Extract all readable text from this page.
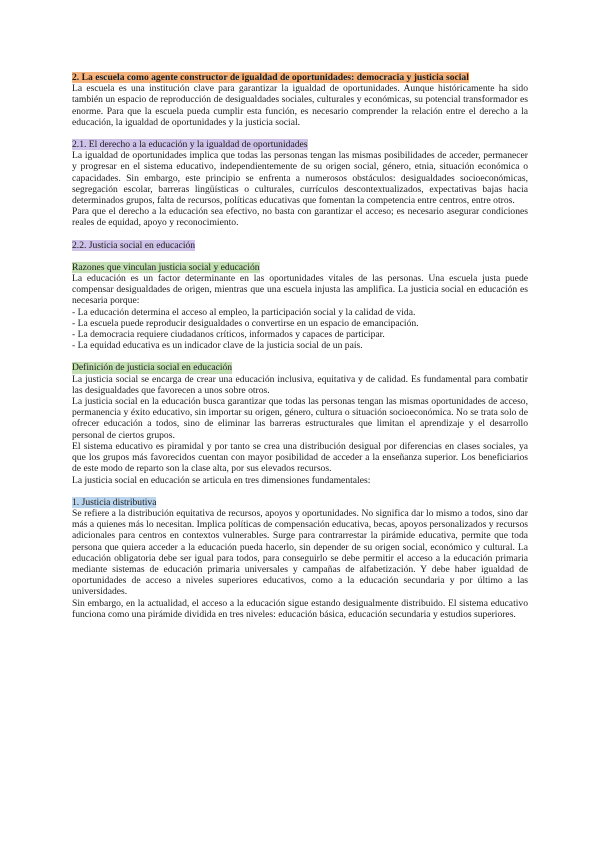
2. La escuela como agente constructor de igualdad de oportunidades: democracia y justicia social

La escuela es una institución clave para garantizar la igualdad de oportunidades. Aunque históricamente ha sido también un espacio de reproducción de desigualdades sociales, culturales y económicas, su potencial transformador es enorme. Para que la escuela pueda cumplir esta función, es necesario comprender la relación entre el derecho a la educación, la igualdad de oportunidades y la justicia social.

2.1. El derecho a la educación y la igualdad de oportunidades

La igualdad de oportunidades implica que todas las personas tengan las mismas posibilidades de acceder, permanecer y progresar en el sistema educativo, independientemente de su origen social, género, etnia, situación económica o capacidades. Sin embargo, este principio se enfrenta a numerosos obstáculos: desigualdades socioeconómicas, segregación escolar, barreras lingüísticas o culturales, currículos descontextualizados, expectativas bajas hacia determinados grupos, falta de recursos, políticas educativas que fomentan la competencia entre centros, entre otros.

Para que el derecho a la educación sea efectivo, no basta con garantizar el acceso; es necesario asegurar condiciones reales de equidad, apoyo y reconocimiento.

2.2. Justicia social en educación

Razones que vinculan justicia social y educación

La educación es un factor determinante en las oportunidades vitales de las personas. Una escuela justa puede compensar desigualdades de origen, mientras que una escuela injusta las amplifica. La justicia social en educación es necesaria porque:

- La educación determina el acceso al empleo, la participación social y la calidad de vida.
- La escuela puede reproducir desigualdades o convertirse en un espacio de emancipación.
- La democracia requiere ciudadanos críticos, informados y capaces de participar.
- La equidad educativa es un indicador clave de la justicia social de un país.

Definición de justicia social en educación

La justicia social se encarga de crear una educación inclusiva, equitativa y de calidad. Es fundamental para combatir las desigualdades que favorecen a unos sobre otros.

La justicia social en la educación busca garantizar que todas las personas tengan las mismas oportunidades de acceso, permanencia y éxito educativo, sin importar su origen, género, cultura o situación socioeconómica. No se trata solo de ofrecer educación a todos, sino de eliminar las barreras estructurales que limitan el aprendizaje y el desarrollo personal de ciertos grupos.

El sistema educativo es piramidal y por tanto se crea una distribución desigual por diferencias en clases sociales, ya que los grupos más favorecidos cuentan con mayor posibilidad de acceder a la enseñanza superior. Los beneficiarios de este modo de reparto son la clase alta, por sus elevados recursos.

La justicia social en educación se articula en tres dimensiones fundamentales:

1. Justicia distributiva

Se refiere a la distribución equitativa de recursos, apoyos y oportunidades. No significa dar lo mismo a todos, sino dar más a quienes más lo necesitan. Implica políticas de compensación educativa, becas, apoyos personalizados y recursos adicionales para centros en contextos vulnerables. Surge para contrarrestar la pirámide educativa, permite que toda persona que quiera acceder a la educación pueda hacerlo, sin depender de su origen social, económico y cultural. La educación obligatoria debe ser igual para todos, para conseguirlo se debe permitir el acceso a la educación primaria mediante sistemas de educación primaria universales y campañas de alfabetización. Y debe haber igualdad de oportunidades de acceso a niveles superiores educativos, como a la educación secundaria y por último a las universidades.

Sin embargo, en la actualidad, el acceso a la educación sigue estando desigualmente distribuido. El sistema educativo funciona como una pirámide dividida en tres niveles: educación básica, educación secundaria y estudios superiores.
